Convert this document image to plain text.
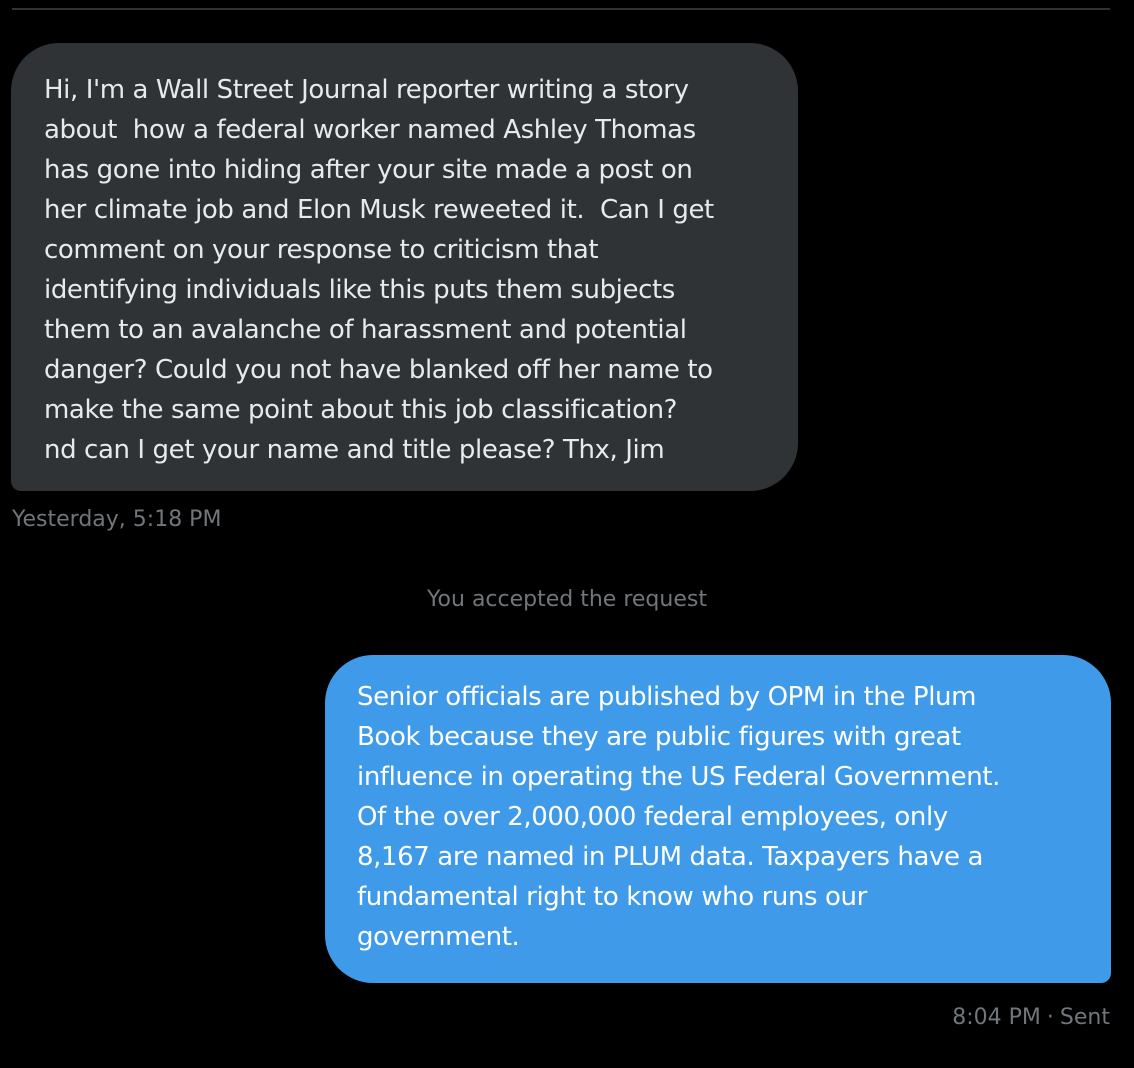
Hi, I'm a Wall Street Journal reporter writing a story
about  how a federal worker named Ashley Thomas
has gone into hiding after your site made a post on
her climate job and Elon Musk reweeted it.  Can I get
comment on your response to criticism that
identifying individuals like this puts them subjects
them to an avalanche of harassment and potential
danger? Could you not have blanked off her name to
make the same point about this job classification?
nd can I get your name and title please? Thx, Jim
Yesterday, 5:18 PM
You accepted the request
Senior officials are published by OPM in the Plum
Book because they are public figures with great
influence in operating the US Federal Government.
Of the over 2,000,000 federal employees, only
8,167 are named in PLUM data. Taxpayers have a
fundamental right to know who runs our
government.
8:04 PM · Sent
